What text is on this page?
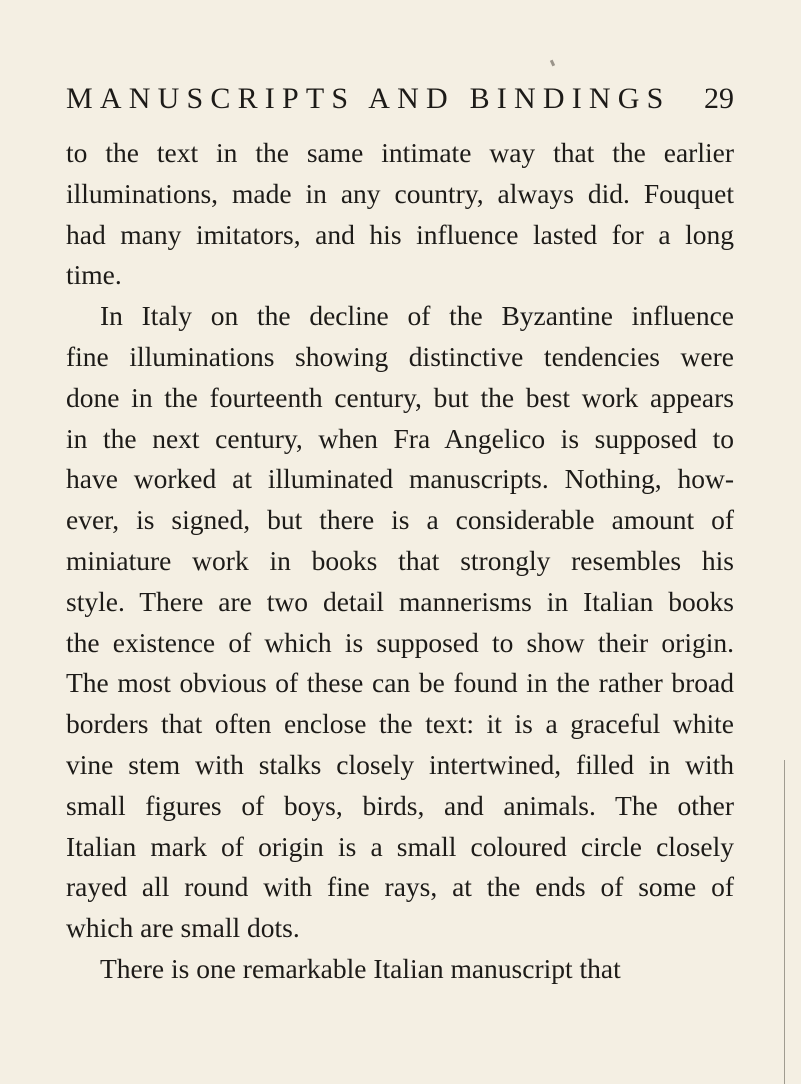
MANUSCRIPTS AND BINDINGS 29
to the text in the same intimate way that the earlier
illuminations, made in any country, always did. Fouquet
had many imitators, and his influence lasted for a long
time.
In Italy on the decline of the Byzantine influence
fine illuminations showing distinctive tendencies were
done in the fourteenth century, but the best work appears
in the next century, when Fra Angelico is supposed to
have worked at illuminated manuscripts. Nothing, how-
ever, is signed, but there is a considerable amount of
miniature work in books that strongly resembles his
style. There are two detail mannerisms in Italian books
the existence of which is supposed to show their origin.
The most obvious of these can be found in the rather broad
borders that often enclose the text: it is a graceful white
vine stem with stalks closely intertwined, filled in with
small figures of boys, birds, and animals. The other
Italian mark of origin is a small coloured circle closely
rayed all round with fine rays, at the ends of some of
which are small dots.
There is one remarkable Italian manuscript that
